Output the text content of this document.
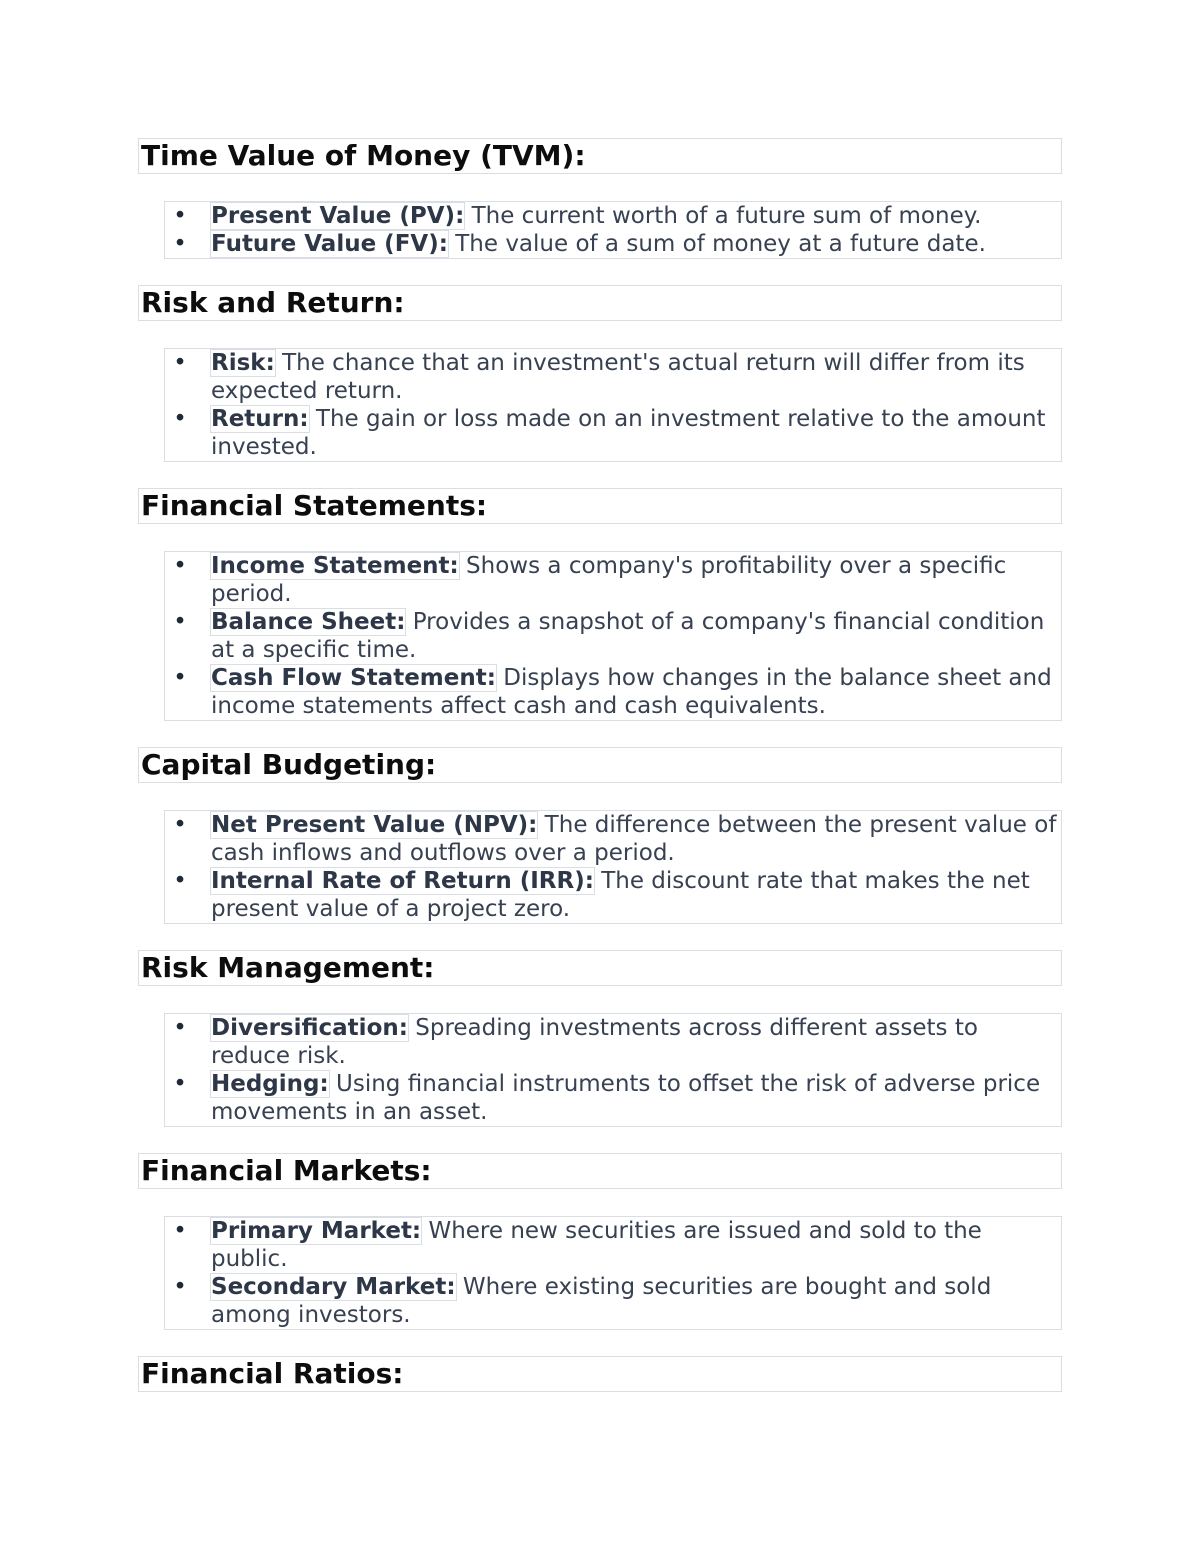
Time Value of Money (TVM):
• Present Value (PV): The current worth of a future sum of money.
• Future Value (FV): The value of a sum of money at a future date.
Risk and Return:
• Risk: The chance that an investment's actual return will differ from its expected return.
• Return: The gain or loss made on an investment relative to the amount invested.
Financial Statements:
• Income Statement: Shows a company's profitability over a specific period.
• Balance Sheet: Provides a snapshot of a company's financial condition at a specific time.
• Cash Flow Statement: Displays how changes in the balance sheet and income statements affect cash and cash equivalents.
Capital Budgeting:
• Net Present Value (NPV): The difference between the present value of cash inflows and outflows over a period.
• Internal Rate of Return (IRR): The discount rate that makes the net present value of a project zero.
Risk Management:
• Diversification: Spreading investments across different assets to reduce risk.
• Hedging: Using financial instruments to offset the risk of adverse price movements in an asset.
Financial Markets:
• Primary Market: Where new securities are issued and sold to the public.
• Secondary Market: Where existing securities are bought and sold among investors.
Financial Ratios:
